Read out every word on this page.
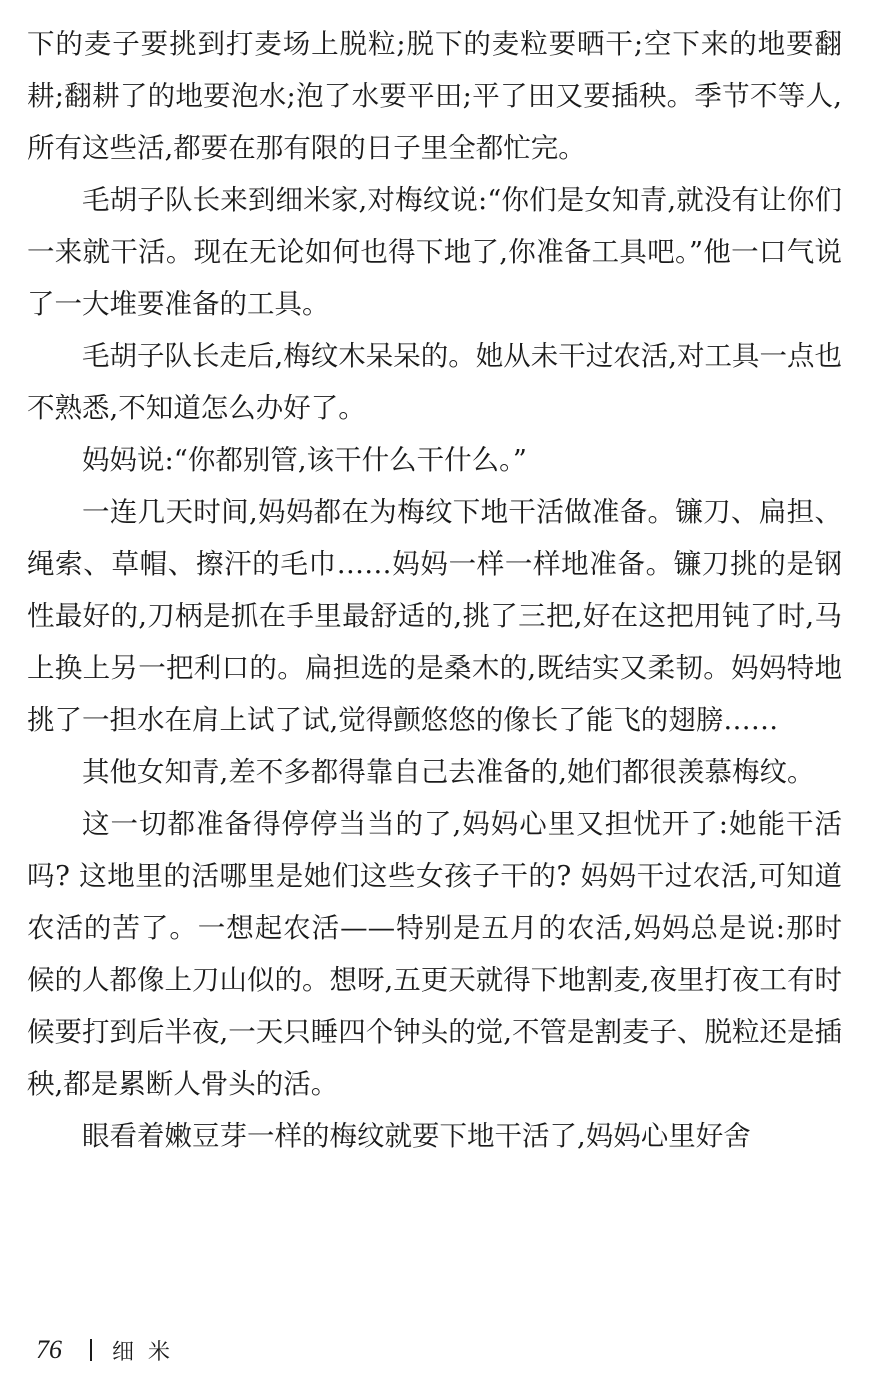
下的麦子要挑到打麦场上脱粒;脱下的麦粒要晒干;空下来的地要翻耕;翻耕了的地要泡水;泡了水要平田;平了田又要插秧。季节不等人,所有这些活,都要在那有限的日子里全都忙完。

毛胡子队长来到细米家,对梅纹说:“你们是女知青,就没有让你们一来就干活。现在无论如何也得下地了,你准备工具吧。”他一口气说了一大堆要准备的工具。

毛胡子队长走后,梅纹木呆呆的。她从未干过农活,对工具一点也不熟悉,不知道怎么办好了。

妈妈说:“你都别管,该干什么干什么。”

一连几天时间,妈妈都在为梅纹下地干活做准备。镰刀、扁担、绳索、草帽、擦汗的毛巾……妈妈一样一样地准备。镰刀挑的是钢性最好的,刀柄是抓在手里最舒适的,挑了三把,好在这把用钝了时,马上换上另一把利口的。扁担选的是桑木的,既结实又柔韧。妈妈特地挑了一担水在肩上试了试,觉得颤悠悠的像长了能飞的翅膀……

其他女知青,差不多都得靠自己去准备的,她们都很羡慕梅纹。

这一切都准备得停停当当的了,妈妈心里又担忧开了:她能干活吗? 这地里的活哪里是她们这些女孩子干的? 妈妈干过农活,可知道农活的苦了。一想起农活——特别是五月的农活,妈妈总是说:那时候的人都像上刀山似的。想呀,五更天就得下地割麦,夜里打夜工有时候要打到后半夜,一天只睡四个钟头的觉,不管是割麦子、脱粒还是插秧,都是累断人骨头的活。

眼看着嫩豆芽一样的梅纹就要下地干活了,妈妈心里好舍

76 细米
